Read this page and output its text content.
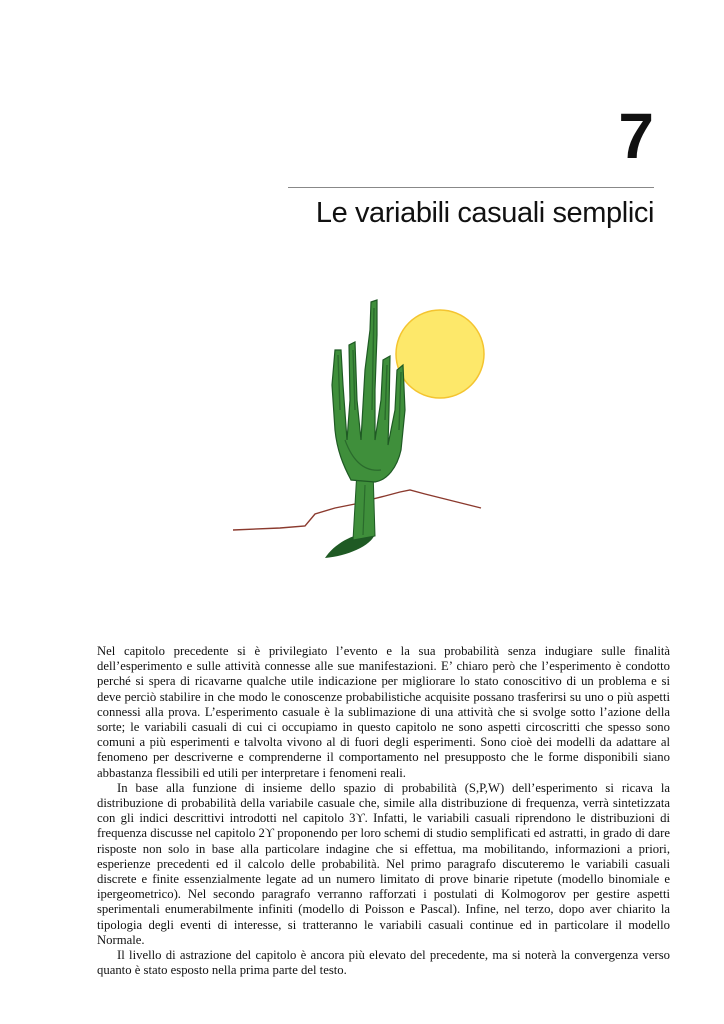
7
Le variabili casuali semplici

Nel capitolo precedente si è privilegiato l’evento e la sua probabilità senza indugiare sulle finalità dell’esperimento e sulle attività connesse alle sue manifestazioni. E’ chiaro però che l’esperimento è condotto perché si spera di ricavarne qualche utile indicazione per migliorare lo stato conoscitivo di un problema e si deve perciò stabilire in che modo le conoscenze probabilistiche acquisite possano trasferirsi su uno o più aspetti connessi alla prova. L’esperimento casuale è la sublimazione di una attività che si svolge sotto l’azione della sorte; le variabili casuali di cui ci occupiamo in questo capitolo ne sono aspetti circoscritti che spesso sono comuni a più esperimenti e talvolta vivono al di fuori degli esperimenti. Sono cioè dei modelli da adattare al fenomeno per descriverne e comprenderne il comportamento nel presupposto che le forme disponibili siano abbastanza flessibili ed utili per interpretare i fenomeni reali.

In base alla funzione di insieme dello spazio di probabilità (S,P,W) dell’esperimento si ricava la distribuzione di probabilità della variabile casuale che, simile alla distribuzione di frequenza, verrà sintetizzata con gli indici descrittivi introdotti nel capitolo 3ϒ. Infatti, le variabili casuali riprendono le distribuzioni di frequenza discusse nel capitolo 2ϒ proponendo per loro schemi di studio semplificati ed astratti, in grado di dare risposte non solo in base alla particolare indagine che si effettua, ma mobilitando, informazioni a priori, esperienze precedenti ed il calcolo delle probabilità. Nel primo paragrafo discuteremo le variabili casuali discrete e finite essenzialmente legate ad un numero limitato di prove binarie ripetute (modello binomiale e ipergeometrico). Nel secondo paragrafo verranno rafforzati i postulati di Kolmogorov per gestire aspetti sperimentali enumerabilmente infiniti (modello di Poisson e Pascal). Infine, nel terzo, dopo aver chiarito la tipologia degli eventi di interesse, si tratteranno le variabili casuali continue ed in particolare il modello Normale.

Il livello di astrazione del capitolo è ancora più elevato del precedente, ma si noterà la convergenza verso quanto è stato esposto nella prima parte del testo.
